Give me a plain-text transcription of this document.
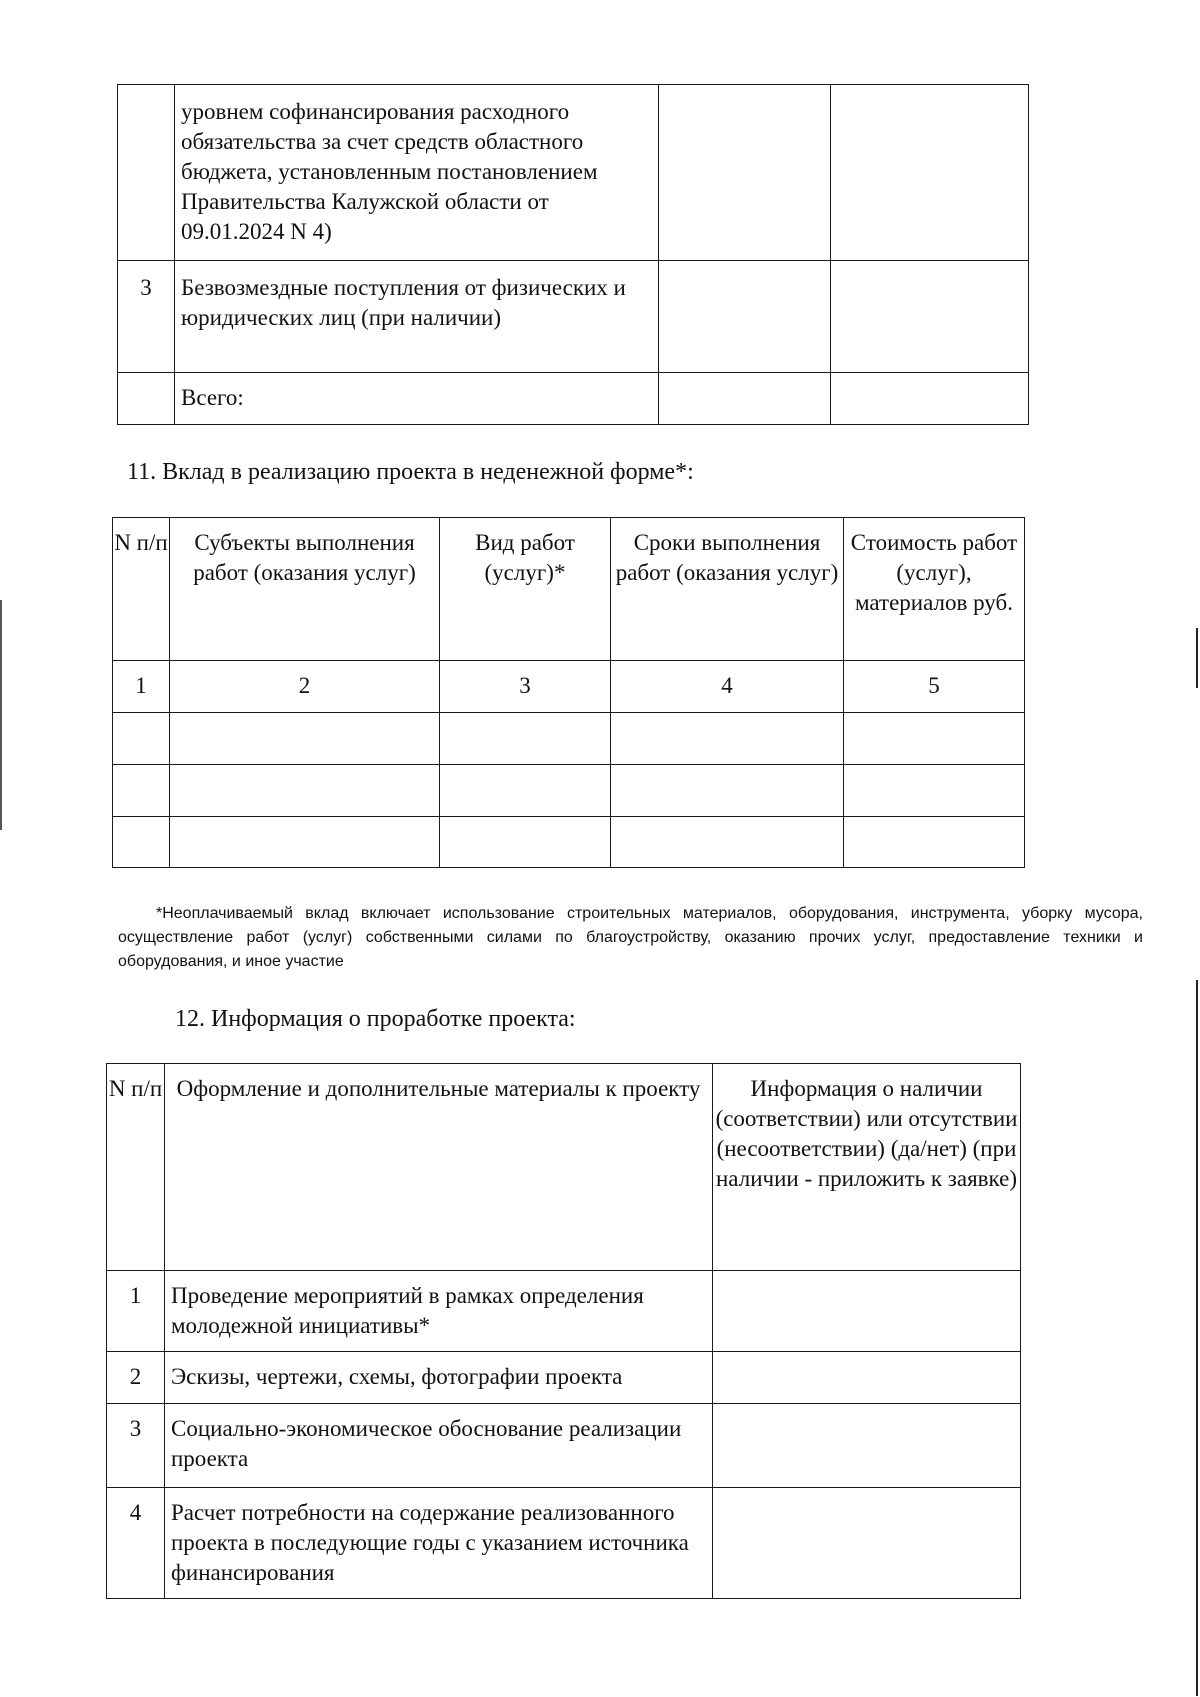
	уровнем софинансирования расходного обязательства за счет средств областного бюджета, установленным постановлением Правительства Калужской области от 09.01.2024 N 4)		
3	Безвозмездные поступления от физических и юридических лиц (при наличии)		
	Всего:		
11. Вклад в реализацию проекта в неденежной форме*:
N п/п	Субъекты выполнения работ (оказания услуг)	Вид работ (услуг)*	Сроки выполнения работ (оказания услуг)	Стоимость работ (услуг), материалов руб.
1	2	3	4	5

*Неоплачиваемый вклад включает использование строительных материалов, оборудования, инструмента, уборку мусора, осуществление работ (услуг) собственными силами по благоустройству, оказанию прочих услуг, предоставление техники и оборудования, и иное участие
12. Информация о проработке проекта:
N п/п	Оформление и дополнительные материалы к проекту	Информация о наличии (соответствии) или отсутствии (несоответствии) (да/нет) (при наличии - приложить к заявке)
1	Проведение мероприятий в рамках определения молодежной инициативы*	
2	Эскизы, чертежи, схемы, фотографии проекта	
3	Социально-экономическое обоснование реализации проекта	
4	Расчет потребности на содержание реализованного проекта в последующие годы с указанием источника финансирования	
